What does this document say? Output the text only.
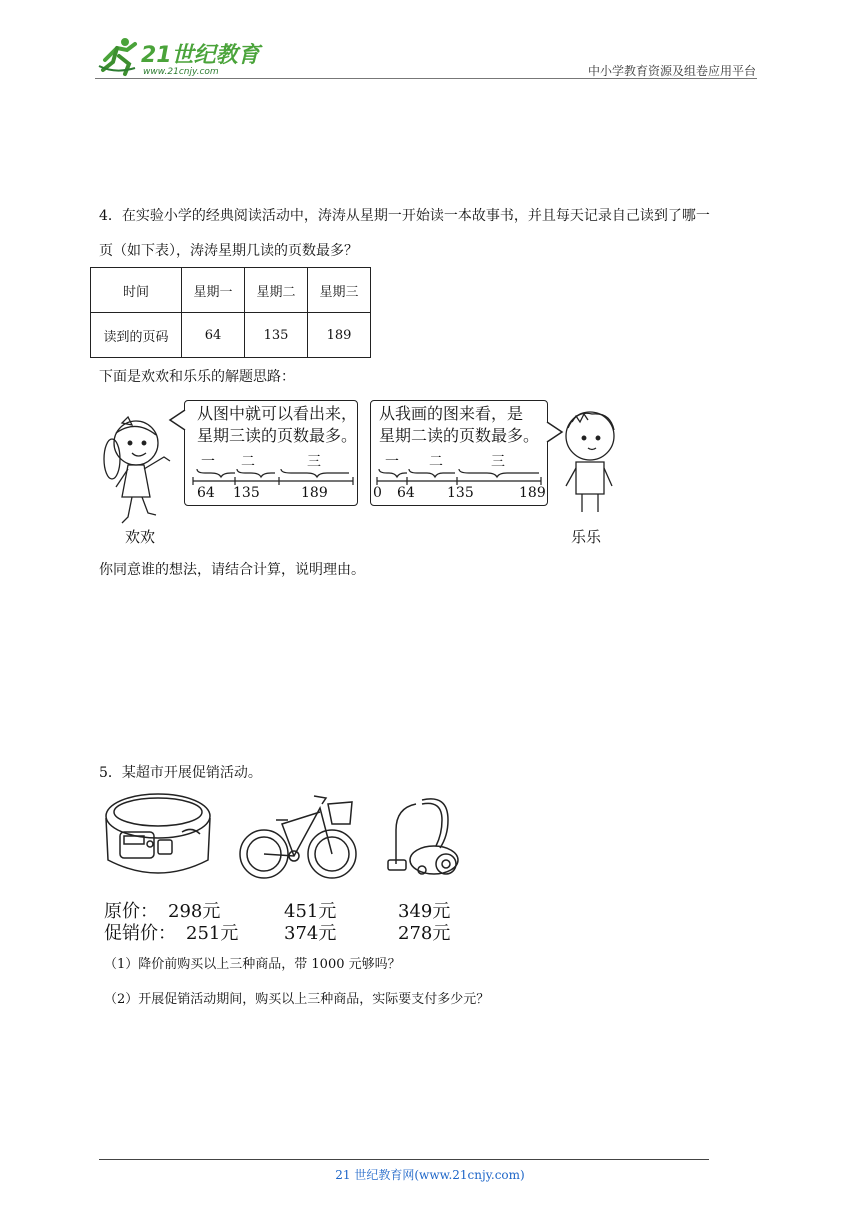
21世纪教育
www.21cnjy.com	中小学教育资源及组卷应用平台
4．在实验小学的经典阅读活动中，涛涛从星期一开始读一本故事书，并且每天记录自己读到了哪一
页（如下表），涛涛星期几读的页数最多？
时间	星期一	星期二	星期三
读到的页码	64	135	189
下面是欢欢和乐乐的解题思路：
从图中就可以看出来，
星期三读的页数最多。
一 二	三
64 135	189
从我画的图来看，是
星期二读的页数最多。
一 二	三
0 64 135	189
欢欢	乐乐
你同意谁的想法，请结合计算，说明理由。
5．某超市开展促销活动。
原价： 298元	451元	349元
促销价： 251元	374元	278元
（1）降价前购买以上三种商品，带 1000 元够吗？
（2）开展促销活动期间，购买以上三种商品，实际要支付多少元？
21 世纪教育网(www.21cnjy.com)
